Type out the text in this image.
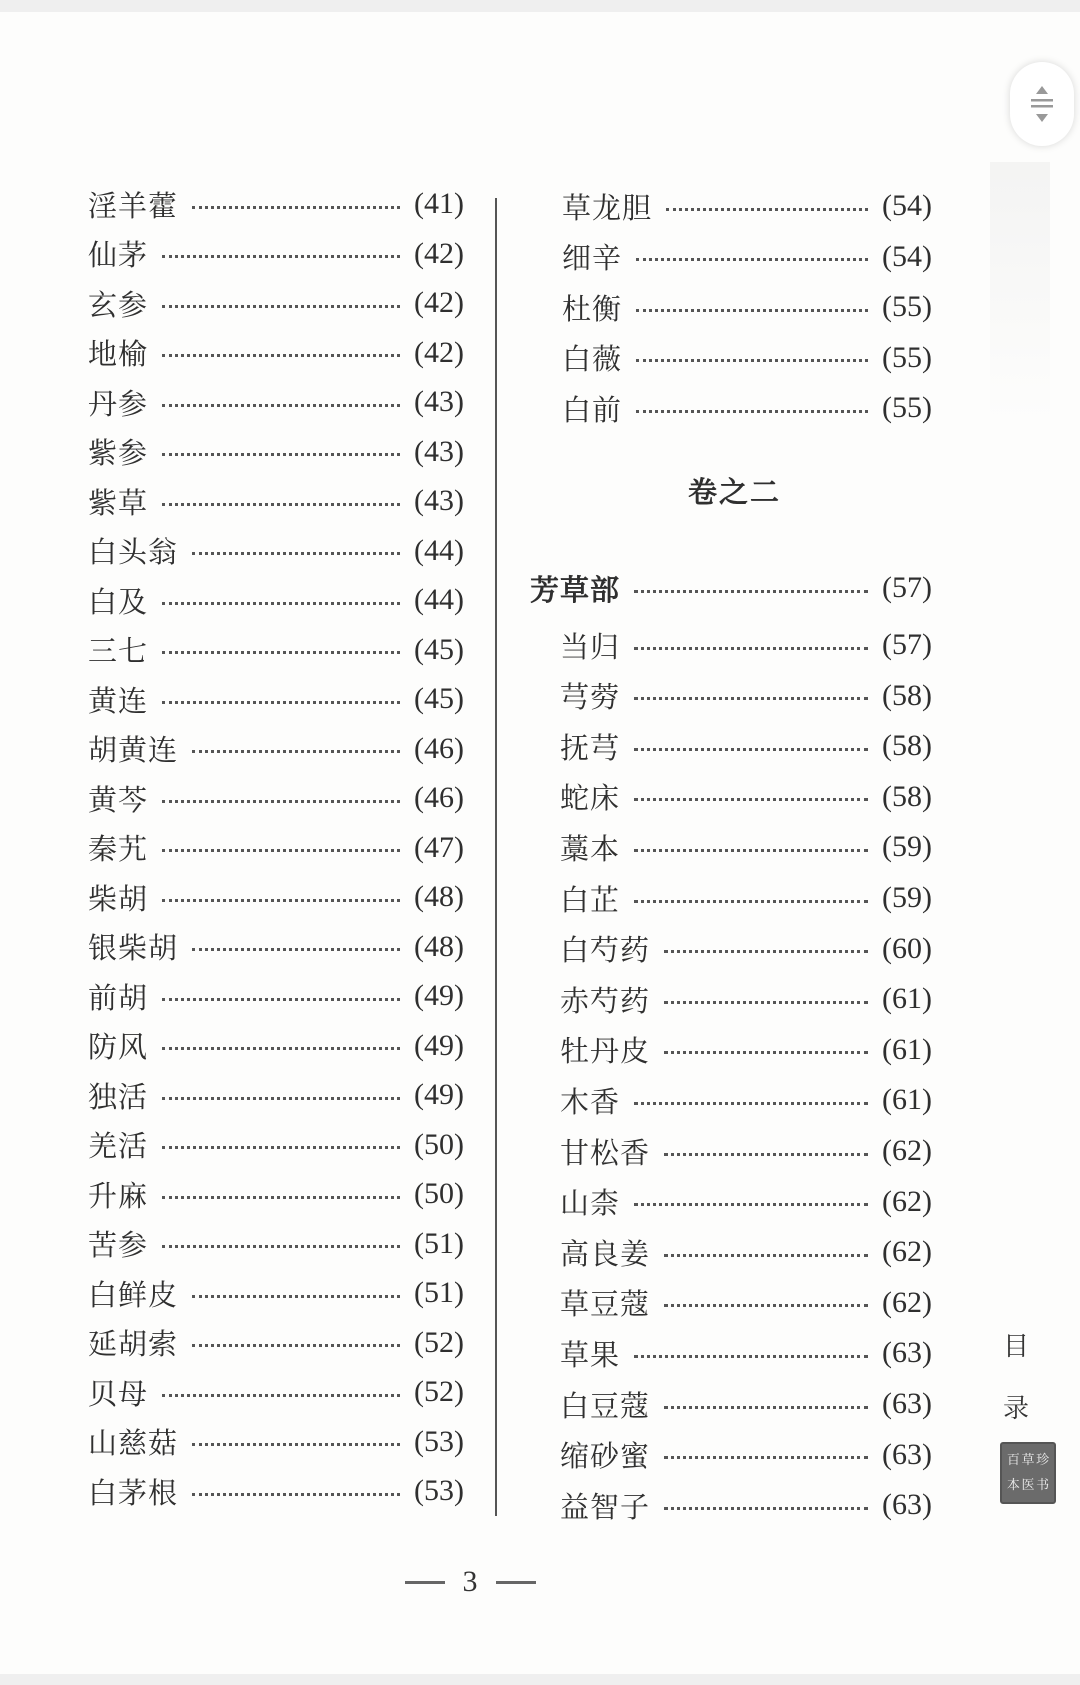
淫羊藿	(41)
仙茅	(42)
玄参	(42)
地榆	(42)
丹参	(43)
紫参	(43)
紫草	(43)
白头翁	(44)
白及	(44)
三七	(45)
黄连	(45)
胡黄连	(46)
黄芩	(46)
秦艽	(47)
柴胡	(48)
银柴胡	(48)
前胡	(49)
防风	(49)
独活	(49)
羌活	(50)
升麻	(50)
苦参	(51)
白鲜皮	(51)
延胡索	(52)
贝母	(52)
山慈菇	(53)
白茅根	(53)
草龙胆	(54)
细辛	(54)
杜衡	(55)
白薇	(55)
白前	(55)
卷之二
芳草部	(57)
当归	(57)
芎䓖	(58)
抚芎	(58)
蛇床	(58)
藁本	(59)
白芷	(59)
白芍药	(60)
赤芍药	(61)
牡丹皮	(61)
木香	(61)
甘松香	(62)
山柰	(62)
高良姜	(62)
草豆蔻	(62)
草果	(63)
白豆蔻	(63)
缩砂蜜	(63)
益智子	(63)
3
目
录
百 草 珍
本 医 书
